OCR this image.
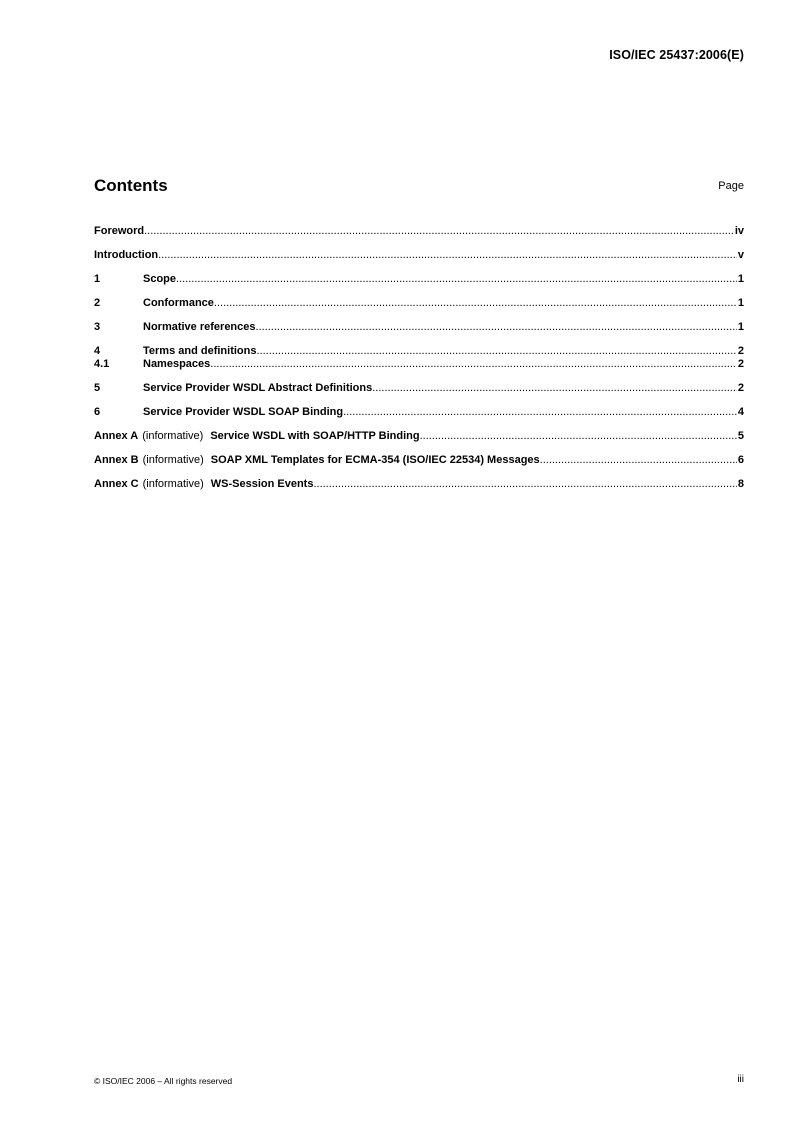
ISO/IEC 25437:2006(E)
Contents	Page
Foreword .....	iv
Introduction .....	v
1	Scope .....	1
2	Conformance .....	1
3	Normative references .....	1
4	Terms and definitions .....	2
4.1	Namespaces .....	2
5	Service Provider WSDL Abstract Definitions .....	2
6	Service Provider WSDL SOAP Binding .....	4
Annex A (informative) Service WSDL with SOAP/HTTP Binding .....	5
Annex B (informative) SOAP XML Templates for ECMA-354 (ISO/IEC 22534) Messages .....	6
Annex C (informative) WS-Session Events .....	8
© ISO/IEC 2006 – All rights reserved	iii
